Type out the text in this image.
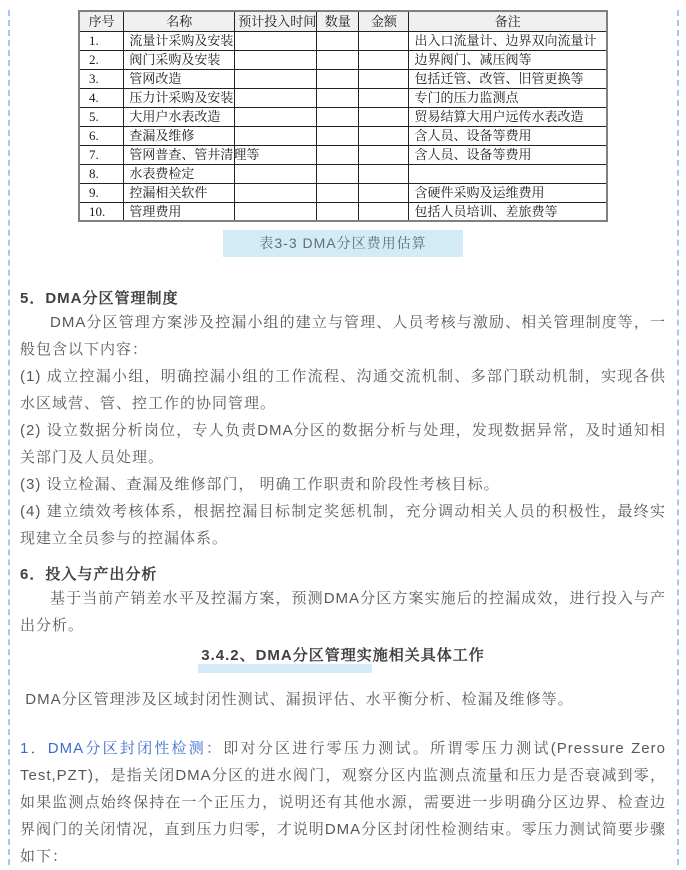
序号	名称	预计投入时间	数量	金额	备注
1.	流量计采购及安装				出入口流量计、边界双向流量计
2.	阀门采购及安装				边界阀门、减压阀等
3.	管网改造				包括迁管、改管、旧管更换等
4.	压力计采购及安装				专门的压力监测点
5.	大用户水表改造				贸易结算大用户远传水表改造
6.	查漏及维修				含人员、设备等费用
7.	管网普查、管井清理等				含人员、设备等费用
8.	水表费检定				
9.	控漏相关软件				含硬件采购及运维费用
10.	管理费用				包括人员培训、差旅费等
表3-3 DMA分区费用估算
5．DMA分区管理制度

DMA分区管理方案涉及控漏小组的建立与管理、人员考核与激励、相关管理制度等，一般包含以下内容：

(1) 成立控漏小组，明确控漏小组的工作流程、沟通交流机制、多部门联动机制，实现各供水区域营、管、控工作的协同管理。

(2) 设立数据分析岗位，专人负责DMA分区的数据分析与处理，发现数据异常，及时通知相关部门及人员处理。

(3) 设立检漏、查漏及维修部门， 明确工作职责和阶段性考核目标。

(4) 建立绩效考核体系，根据控漏目标制定奖惩机制，充分调动相关人员的积极性，最终实现建立全员参与的控漏体系。

6．投入与产出分析

基于当前产销差水平及控漏方案，预测DMA分区方案实施后的控漏成效，进行投入与产出分析。

3.4.2、DMA分区管理实施相关具体工作

DMA分区管理涉及区域封闭性测试、漏损评估、水平衡分析、检漏及维修等。

1．DMA分区封闭性检测：即对分区进行零压力测试。所谓零压力测试(Pressure Zero Test,PZT)，是指关闭DMA分区的进水阀门，观察分区内监测点流量和压力是否衰减到零，如果监测点始终保持在一个正压力，说明还有其他水源，需要进一步明确分区边界、检查边界阀门的关闭情况，直到压力归零，才说明DMA分区封闭性检测结束。零压力测试简要步骤如下：
